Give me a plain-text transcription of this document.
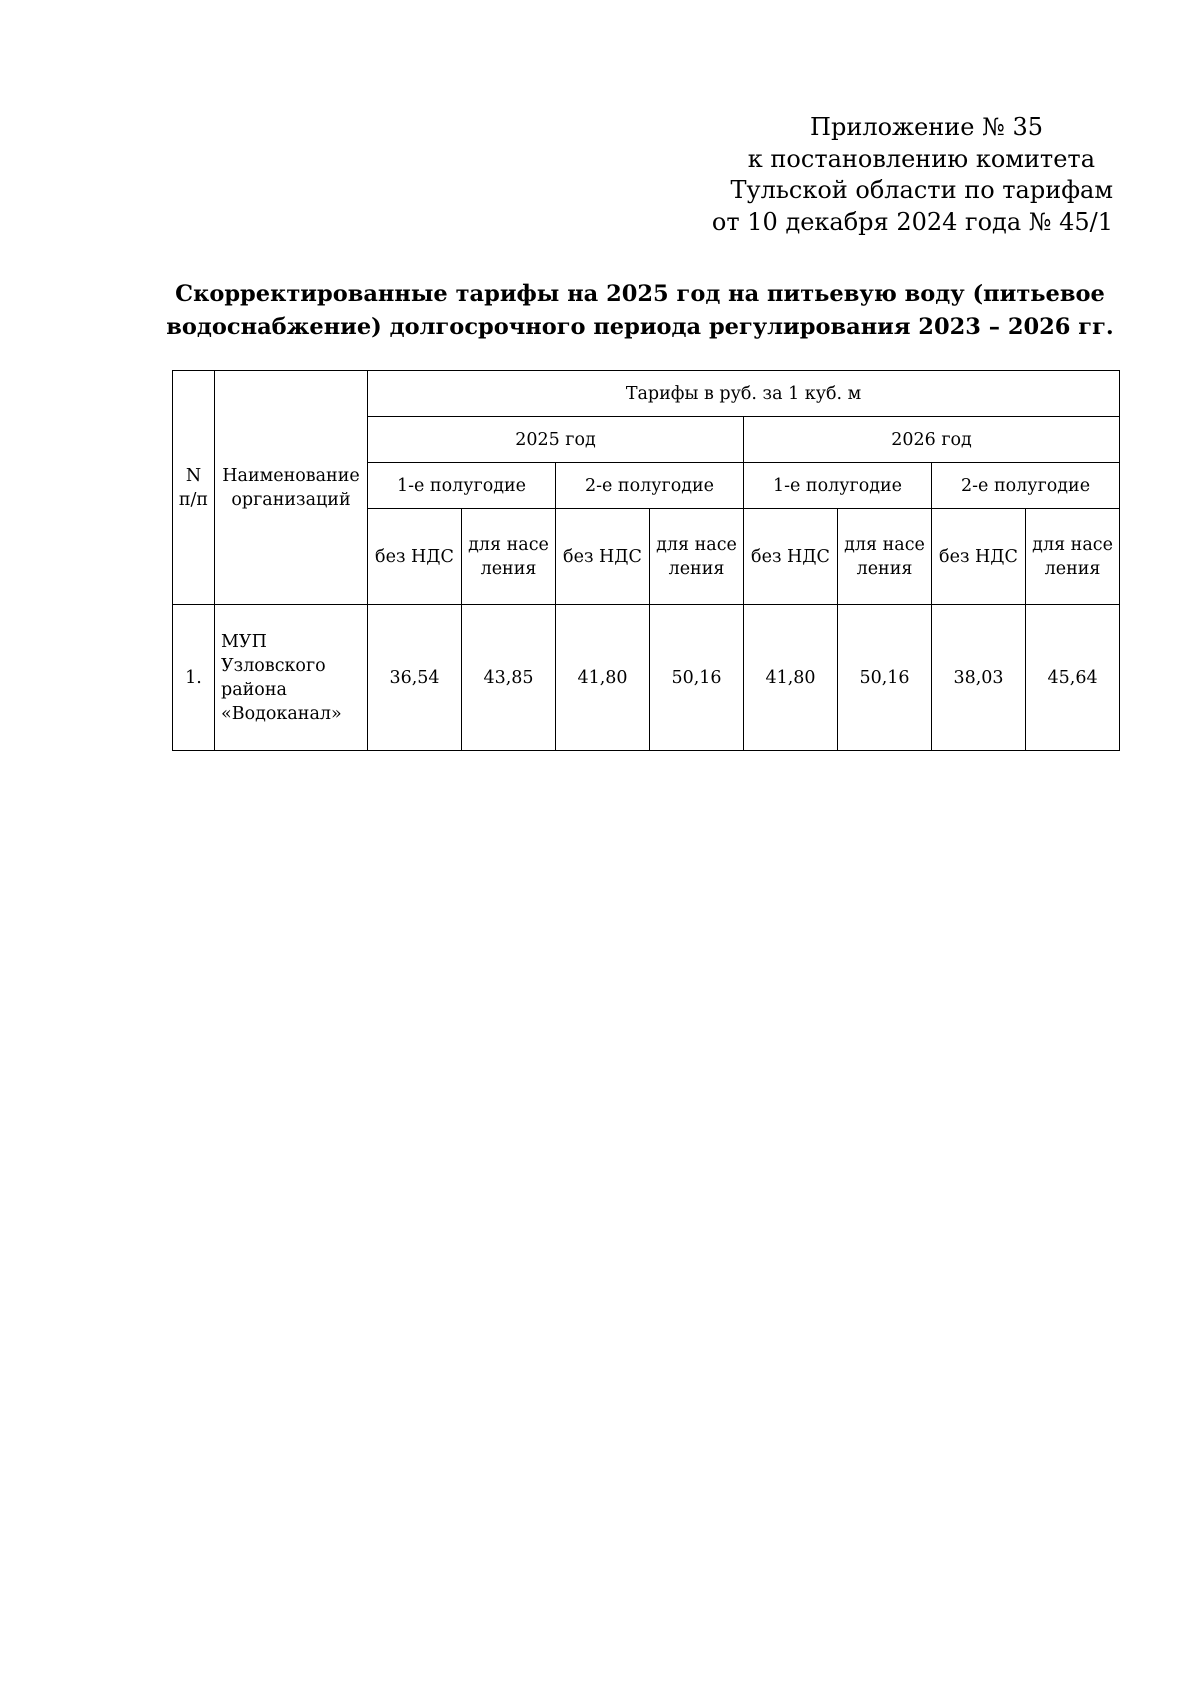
Приложение № 35
к постановлению комитета
Тульской области по тарифам
от 10 декабря 2024 года № 45/1
Скорректированные тарифы на 2025 год на питьевую воду (питьевое
водоснабжение) долгосрочного периода регулирования 2023 – 2026 гг.
N п/п	Наименование организаций	Тарифы в руб. за 1 куб. м							
		2025 год				2026 год			
		1-е полугодие		2-е полугодие		1-е полугодие		2-е полугодие	
		без НДС	для населения	без НДС	для населения	без НДС	для населения	без НДС	для населения
1.	МУП Узловского района «Водоканал»	36,54	43,85	41,80	50,16	41,80	50,16	38,03	45,64
